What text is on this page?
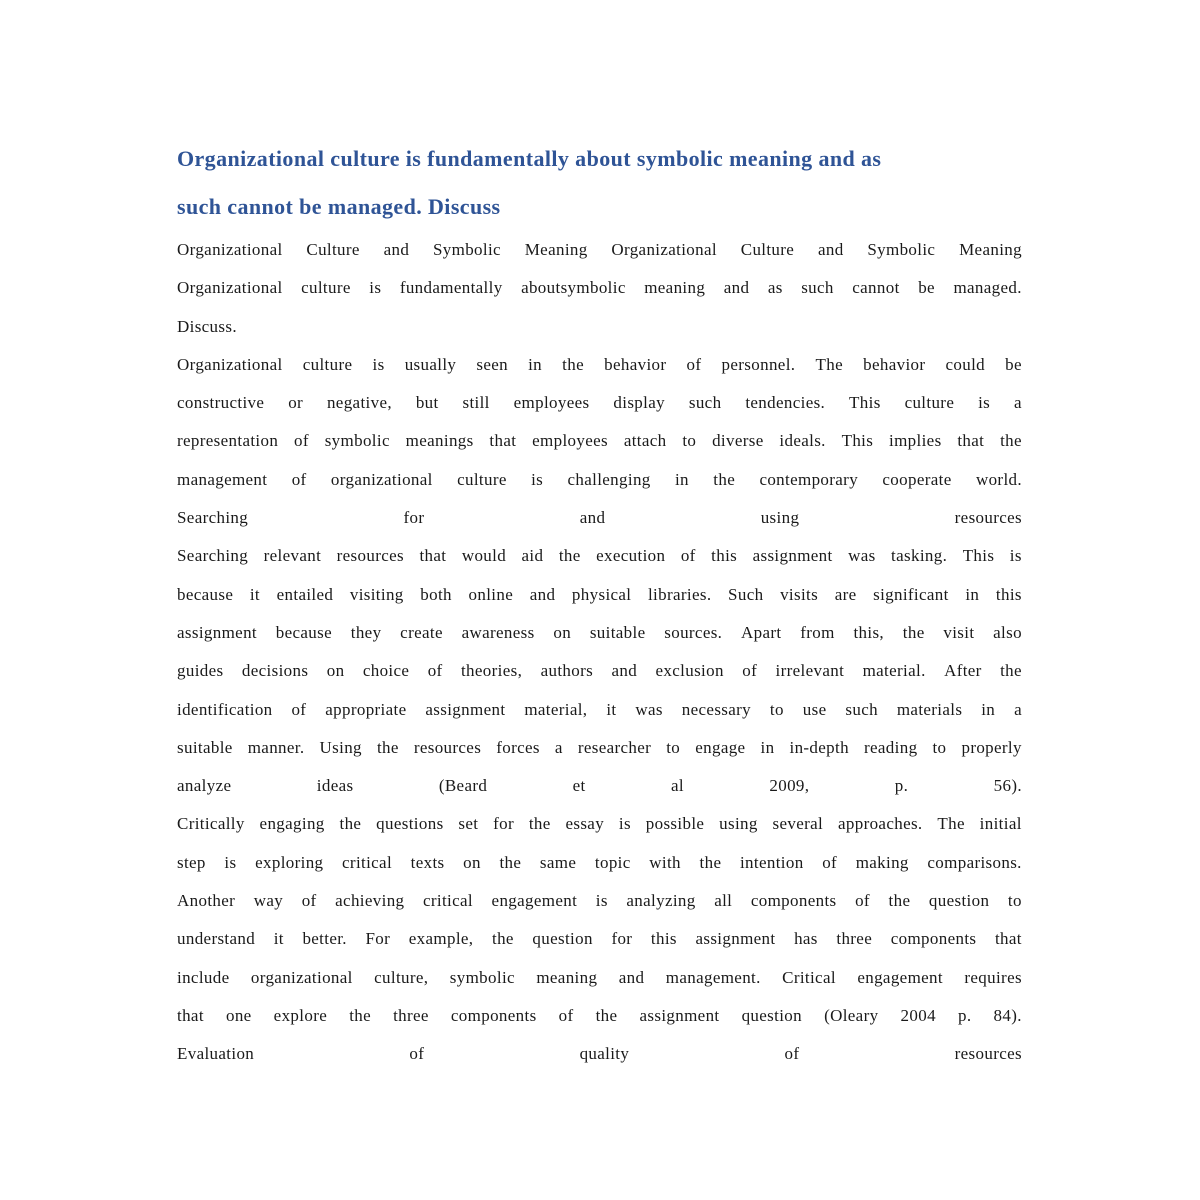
Organizational culture is fundamentally about symbolic meaning and as
such cannot be managed. Discuss
Organizational Culture and Symbolic Meaning Organizational Culture and Symbolic Meaning
Organizational culture is fundamentally aboutsymbolic meaning and as such cannot be managed.
Discuss.
Organizational culture is usually seen in the behavior of personnel. The behavior could be
constructive or negative, but still employees display such tendencies. This culture is a
representation of symbolic meanings that employees attach to diverse ideals. This implies that the
management of organizational culture is challenging in the contemporary cooperate world.
Searching	for	and	using	resources
Searching relevant resources that would aid the execution of this assignment was tasking. This is
because it entailed visiting both online and physical libraries. Such visits are significant in this
assignment because they create awareness on suitable sources. Apart from this, the visit also
guides decisions on choice of theories, authors and exclusion of irrelevant material. After the
identification of appropriate assignment material, it was necessary to use such materials in a
suitable manner. Using the resources forces a researcher to engage in in-depth reading to properly
analyze	ideas	(Beard	et	al	2009,	p.	56).
Critically engaging the questions set for the essay is possible using several approaches. The initial
step is exploring critical texts on the same topic with the intention of making comparisons.
Another way of achieving critical engagement is analyzing all components of the question to
understand it better. For example, the question for this assignment has three components that
include organizational culture, symbolic meaning and management. Critical engagement requires
that one explore the three components of the assignment question (Oleary 2004 p. 84).
Evaluation	of	quality	of	resources
